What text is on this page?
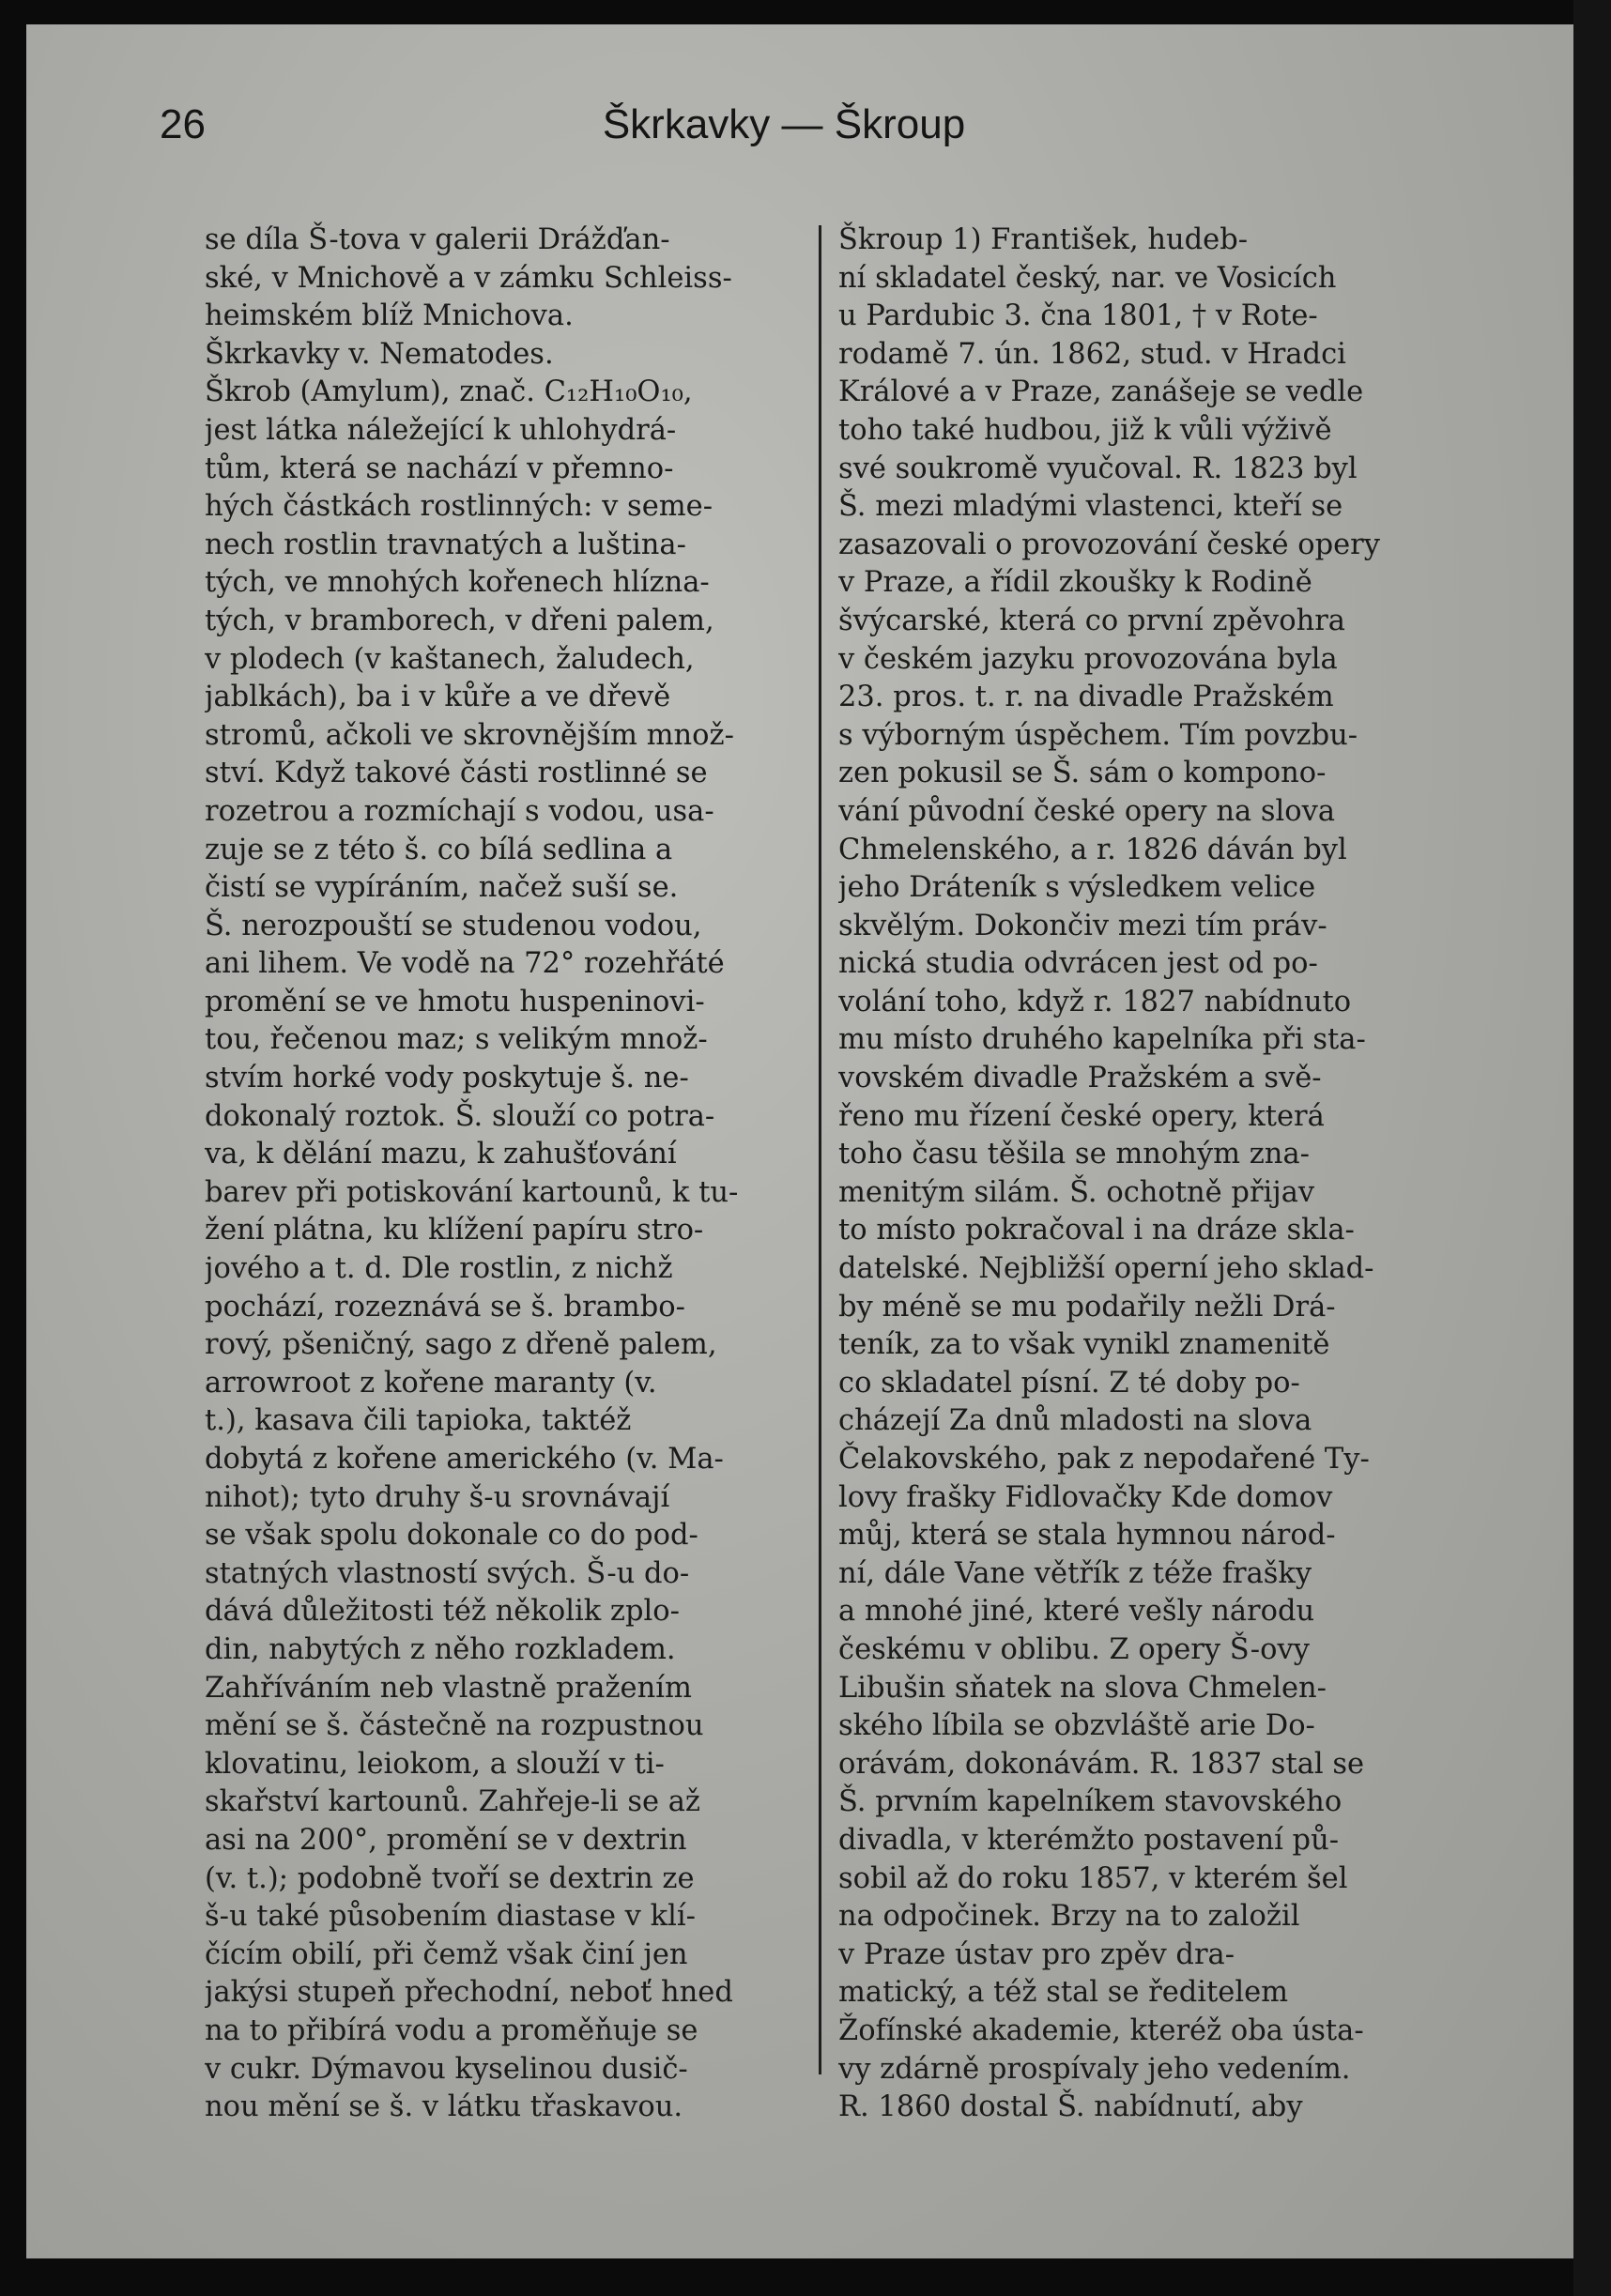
26	Škrkavky — Škroup
se díla Š-tova v galerii Drážďan-
ské, v Mnichově a v zámku Schleiss-
heimském blíž Mnichova.
Škrkavky v. Nematodes.
Škrob (Amylum), znač. C₁₂H₁₀O₁₀,
jest látka náležející k uhlohydrá-
tům, která se nachází v přemno-
hých částkách rostlinných: v seme-
nech rostlin travnatých a luština-
tých, ve mnohých kořenech hlízna-
tých, v bramborech, v dřeni palem,
v plodech (v kaštanech, žaludech,
jablkách), ba i v kůře a ve dřevě
stromů, ačkoli ve skrovnějším množ-
ství. Když takové části rostlinné se
rozetrou a rozmíchají s vodou, usa-
zuje se z této š. co bílá sedlina a
čistí se vypíráním, načež suší se.
Š. nerozpouští se studenou vodou,
ani lihem. Ve vodě na 72° rozehřáté
promění se ve hmotu huspeninovi-
tou, řečenou maz; s velikým množ-
stvím horké vody poskytuje š. ne-
dokonalý roztok. Š. slouží co potra-
va, k dělání mazu, k zahušťování
barev při potiskování kartounů, k tu-
žení plátna, ku klížení papíru stro-
jového a t. d. Dle rostlin, z nichž
pochází, rozeznává se š. brambo-
rový, pšeničný, sago z dřeně palem,
arrowroot z kořene maranty (v.
t.), kasava čili tapioka, taktéž
dobytá z kořene amerického (v. Ma-
nihot); tyto druhy š-u srovnávají
se však spolu dokonale co do pod-
statných vlastností svých. Š-u do-
dává důležitosti též několik zplo-
din, nabytých z něho rozkladem.
Zahříváním neb vlastně pražením
mění se š. částečně na rozpustnou
klovatinu, leiokom, a slouží v ti-
skařství kartounů. Zahřeje-li se až
asi na 200°, promění se v dextrin
(v. t.); podobně tvoří se dextrin ze
š-u také působením diastase v klí-
čícím obilí, při čemž však činí jen
jakýsi stupeň přechodní, neboť hned
na to přibírá vodu a proměňuje se
v cukr. Dýmavou kyselinou dusič-
nou mění se š. v látku třaskavou.
Škroup 1) František, hudeb-
ní skladatel český, nar. ve Vosicích
u Pardubic 3. čna 1801, † v Rote-
rodamě 7. ún. 1862, stud. v Hradci
Králové a v Praze, zanášeje se vedle
toho také hudbou, již k vůli výživě
své soukromě vyučoval. R. 1823 byl
Š. mezi mladými vlastenci, kteří se
zasazovali o provozování české opery
v Praze, a řídil zkoušky k Rodině
švýcarské, která co první zpěvohra
v českém jazyku provozována byla
23. pros. t. r. na divadle Pražském
s výborným úspěchem. Tím povzbu-
zen pokusil se Š. sám o kompono-
vání původní české opery na slova
Chmelenského, a r. 1826 dáván byl
jeho Dráteník s výsledkem velice
skvělým. Dokončiv mezi tím práv-
nická studia odvrácen jest od po-
volání toho, když r. 1827 nabídnuto
mu místo druhého kapelníka při sta-
vovském divadle Pražském a svě-
řeno mu řízení české opery, která
toho času těšila se mnohým zna-
menitým silám. Š. ochotně přijav
to místo pokračoval i na dráze skla-
datelské. Nejbližší operní jeho sklad-
by méně se mu podařily nežli Drá-
teník, za to však vynikl znamenitě
co skladatel písní. Z té doby po-
cházejí Za dnů mladosti na slova
Čelakovského, pak z nepodařené Ty-
lovy frašky Fidlovačky Kde domov
můj, která se stala hymnou národ-
ní, dále Vane větřík z téže frašky
a mnohé jiné, které vešly národu
českému v oblibu. Z opery Š-ovy
Libušin sňatek na slova Chmelen-
ského líbila se obzvláště arie Do-
orávám, dokonávám. R. 1837 stal se
Š. prvním kapelníkem stavovského
divadla, v kterémžto postavení pů-
sobil až do roku 1857, v kterém šel
na odpočinek. Brzy na to založil
v Praze ústav pro zpěv dra-
matický, a též stal se ředitelem
Žofínské akademie, kteréž oba ústa-
vy zdárně prospívaly jeho vedením.
R. 1860 dostal Š. nabídnutí, aby
